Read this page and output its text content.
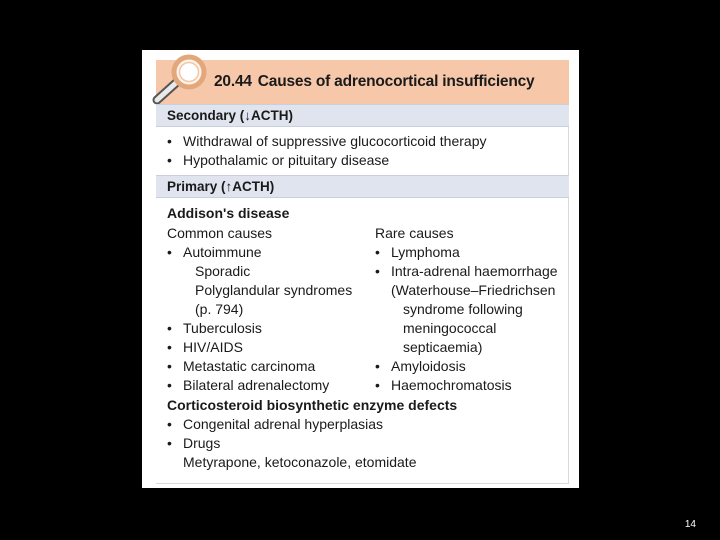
20.44 Causes of adrenocortical insufficiency
Secondary (↓ACTH)
• Withdrawal of suppressive glucocorticoid therapy
• Hypothalamic or pituitary disease
Primary (↑ACTH)
Addison's disease
Common causes
• Autoimmune
Sporadic
Polyglandular syndromes
(p. 794)
• Tuberculosis
• HIV/AIDS
• Metastatic carcinoma
• Bilateral adrenalectomy
Rare causes
• Lymphoma
• Intra-adrenal haemorrhage
(Waterhouse–Friedrichsen
syndrome following
meningococcal
septicaemia)
• Amyloidosis
• Haemochromatosis
Corticosteroid biosynthetic enzyme defects
• Congenital adrenal hyperplasias
• Drugs
Metyrapone, ketoconazole, etomidate
14
